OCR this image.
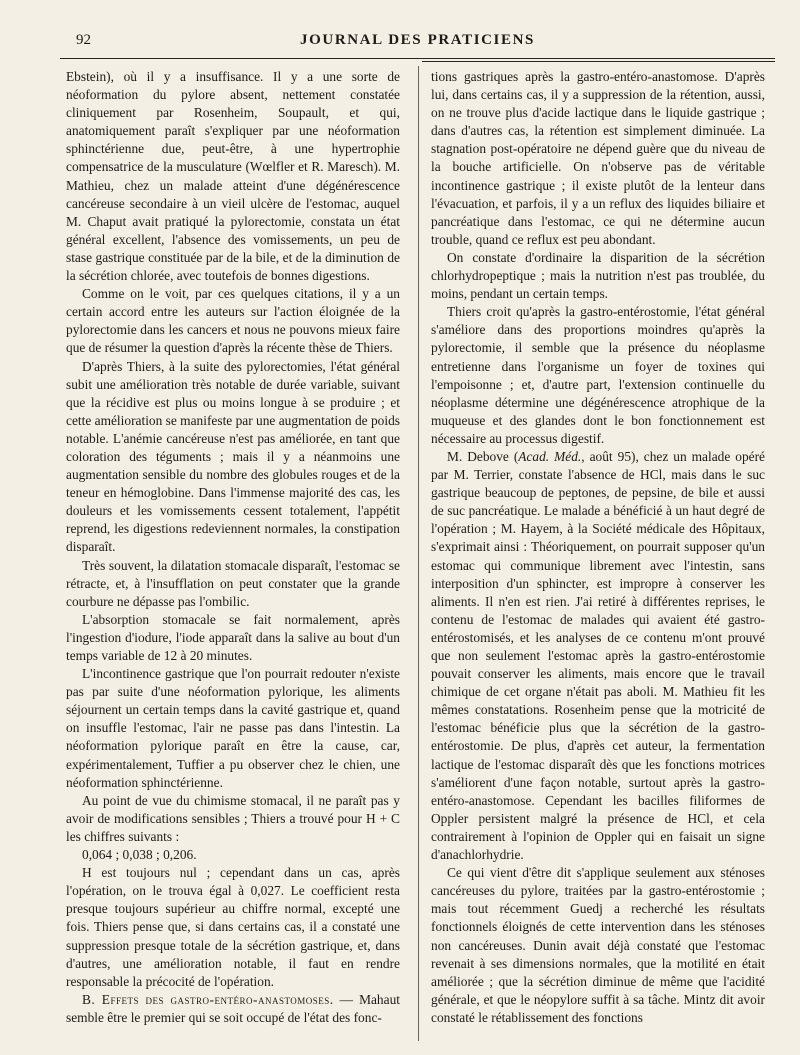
92	JOURNAL DES PRATICIENS

Ebstein), où il y a insuffisance. Il y a une sorte de néoformation du pylore absent, nettement constatée cliniquement par Rosenheim, Soupault, et qui, anatomiquement paraît s'expliquer par une néoformation sphinctérienne due, peut-être, à une hypertrophie compensatrice de la musculature (Wœlfler et R. Maresch). M. Mathieu, chez un malade atteint d'une dégénérescence cancéreuse secondaire à un vieil ulcère de l'estomac, auquel M. Chaput avait pratiqué la pylorectomie, constata un état général excellent, l'absence des vomissements, un peu de stase gastrique constituée par de la bile, et de la diminution de la sécrétion chlorée, avec toutefois de bonnes digestions.

Comme on le voit, par ces quelques citations, il y a un certain accord entre les auteurs sur l'action éloignée de la pylorectomie dans les cancers et nous ne pouvons mieux faire que de résumer la question d'après la récente thèse de Thiers.

D'après Thiers, à la suite des pylorectomies, l'état général subit une amélioration très notable de durée variable, suivant que la récidive est plus ou moins longue à se produire ; et cette amélioration se manifeste par une augmentation de poids notable. L'anémie cancéreuse n'est pas améliorée, en tant que coloration des téguments ; mais il y a néanmoins une augmentation sensible du nombre des globules rouges et de la teneur en hémoglobine. Dans l'immense majorité des cas, les douleurs et les vomissements cessent totalement, l'appétit reprend, les digestions redeviennent normales, la constipation disparaît.

Très souvent, la dilatation stomacale disparaît, l'estomac se rétracte, et, à l'insufflation on peut constater que la grande courbure ne dépasse pas l'ombilic.

L'absorption stomacale se fait normalement, après l'ingestion d'iodure, l'iode apparaît dans la salive au bout d'un temps variable de 12 à 20 minutes.

L'incontinence gastrique que l'on pourrait redouter n'existe pas par suite d'une néoformation pylorique, les aliments séjournent un certain temps dans la cavité gastrique et, quand on insuffle l'estomac, l'air ne passe pas dans l'intestin. La néoformation pylorique paraît en être la cause, car, expérimentalement, Tuffier a pu observer chez le chien, une néoformation sphinctérienne.

Au point de vue du chimisme stomacal, il ne paraît pas y avoir de modifications sensibles ; Thiers a trouvé pour H + C les chiffres suivants :

0,064 ; 0,038 ; 0,206.

H est toujours nul ; cependant dans un cas, après l'opération, on le trouva égal à 0,027. Le coefficient resta presque toujours supérieur au chiffre normal, excepté une fois. Thiers pense que, si dans certains cas, il a constaté une suppression presque totale de la sécrétion gastrique, et, dans d'autres, une amélioration notable, il faut en rendre responsable la précocité de l'opération.

B. Effets des gastro-entéro-anastomoses. — Mahaut semble être le premier qui se soit occupé de l'état des fonc-

tions gastriques après la gastro-entéro-anastomose. D'après lui, dans certains cas, il y a suppression de la rétention, aussi, on ne trouve plus d'acide lactique dans le liquide gastrique ; dans d'autres cas, la rétention est simplement diminuée. La stagnation post-opératoire ne dépend guère que du niveau de la bouche artificielle. On n'observe pas de véritable incontinence gastrique ; il existe plutôt de la lenteur dans l'évacuation, et parfois, il y a un reflux des liquides biliaire et pancréatique dans l'estomac, ce qui ne détermine aucun trouble, quand ce reflux est peu abondant.

On constate d'ordinaire la disparition de la sécrétion chlorhydropeptique ; mais la nutrition n'est pas troublée, du moins, pendant un certain temps.

Thiers croit qu'après la gastro-entérostomie, l'état général s'améliore dans des proportions moindres qu'après la pylorectomie, il semble que la présence du néoplasme entretienne dans l'organisme un foyer de toxines qui l'empoisonne ; et, d'autre part, l'extension continuelle du néoplasme détermine une dégénérescence atrophique de la muqueuse et des glandes dont le bon fonctionnement est nécessaire au processus digestif.

M. Debove (Acad. Méd., août 95), chez un malade opéré par M. Terrier, constate l'absence de HCl, mais dans le suc gastrique beaucoup de peptones, de pepsine, de bile et aussi de suc pancréatique. Le malade a bénéficié à un haut degré de l'opération ; M. Hayem, à la Société médicale des Hôpitaux, s'exprimait ainsi : Théoriquement, on pourrait supposer qu'un estomac qui communique librement avec l'intestin, sans interposition d'un sphincter, est impropre à conserver les aliments. Il n'en est rien. J'ai retiré à différentes reprises, le contenu de l'estomac de malades qui avaient été gastro-entérostomisés, et les analyses de ce contenu m'ont prouvé que non seulement l'estomac après la gastro-entérostomie pouvait conserver les aliments, mais encore que le travail chimique de cet organe n'était pas aboli. M. Mathieu fit les mêmes constatations. Rosenheim pense que la motricité de l'estomac bénéficie plus que la sécrétion de la gastro-entérostomie. De plus, d'après cet auteur, la fermentation lactique de l'estomac disparaît dès que les fonctions motrices s'améliorent d'une façon notable, surtout après la gastro-entéro-anastomose. Cependant les bacilles filiformes de Oppler persistent malgré la présence de HCl, et cela contrairement à l'opinion de Oppler qui en faisait un signe d'anachlorhydrie.

Ce qui vient d'être dit s'applique seulement aux sténoses cancéreuses du pylore, traitées par la gastro-entérostomie ; mais tout récemment Guedj a recherché les résultats fonctionnels éloignés de cette intervention dans les sténoses non cancéreuses. Dunin avait déjà constaté que l'estomac revenait à ses dimensions normales, que la motilité en était améliorée ; que la sécrétion diminue de même que l'acidité générale, et que le néopylore suffit à sa tâche. Mintz dit avoir constaté le rétablissement des fonctions
